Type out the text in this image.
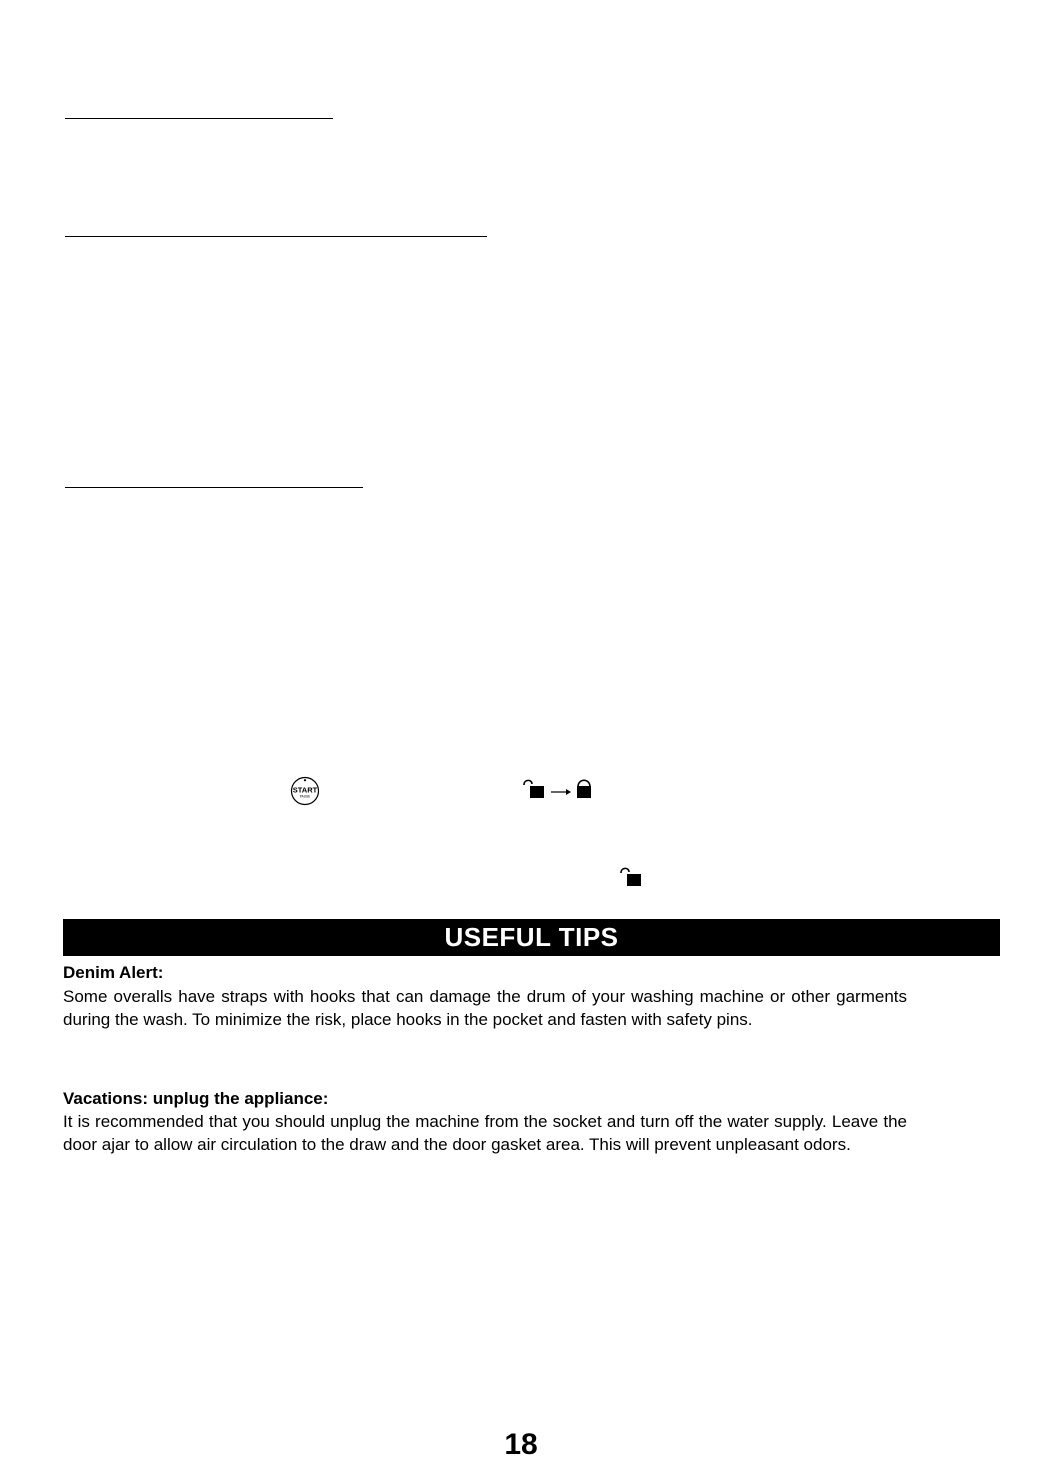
START
PAUSE
USEFUL TIPS
Denim Alert:
Some overalls have straps with hooks that can damage the drum of your washing machine or other garments during the wash. To minimize the risk, place hooks in the pocket and fasten with safety pins.
Vacations: unplug the appliance:
It is recommended that you should unplug the machine from the socket and turn off the water supply. Leave the door ajar to allow air circulation to the draw and the door gasket area. This will prevent unpleasant odors.
18
